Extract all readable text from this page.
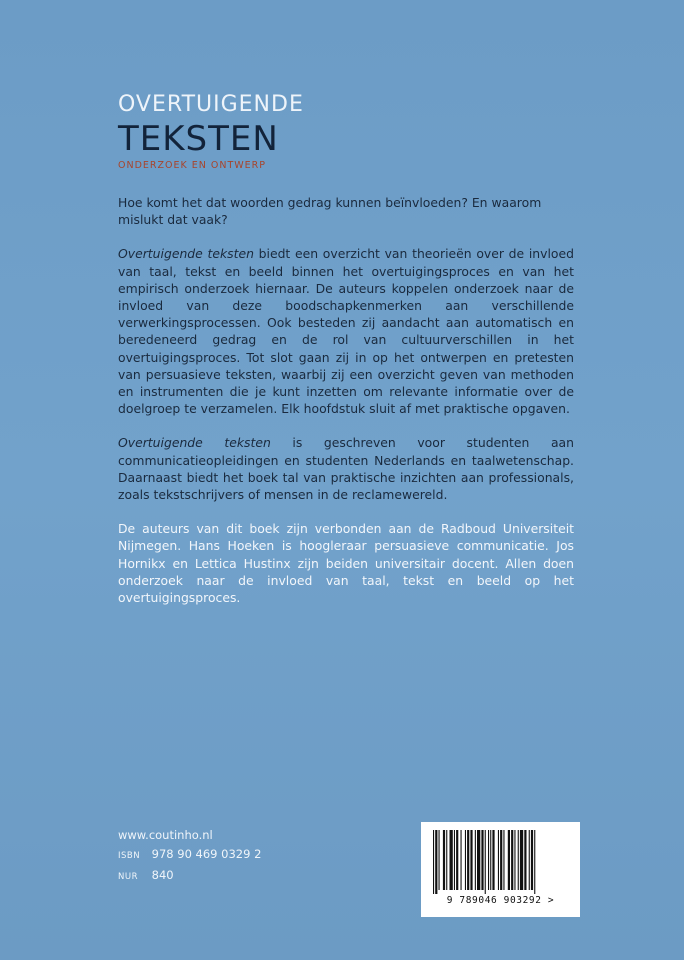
OVERTUIGENDE
TEKSTEN
ONDERZOEK EN ONTWERP

Hoe komt het dat woorden gedrag kunnen beïnvloeden? En waarom mislukt dat vaak?

Overtuigende teksten biedt een overzicht van theorieën over de invloed van taal, tekst en beeld binnen het overtuigingsproces en van het empirisch onderzoek hiernaar. De auteurs koppelen onderzoek naar de invloed van deze boodschapkenmerken aan verschillende verwerkingsprocessen. Ook besteden zij aandacht aan automatisch en beredeneerd gedrag en de rol van cultuurverschillen in het overtuigingsproces. Tot slot gaan zij in op het ontwerpen en pretesten van persuasieve teksten, waarbij zij een overzicht geven van methoden en instrumenten die je kunt inzetten om relevante informatie over de doelgroep te verzamelen. Elk hoofdstuk sluit af met praktische opgaven.

Overtuigende teksten is geschreven voor studenten aan communicatieopleidingen en studenten Nederlands en taalwetenschap. Daarnaast biedt het boek tal van praktische inzichten aan professionals, zoals tekstschrijvers of mensen in de reclamewereld.

De auteurs van dit boek zijn verbonden aan de Radboud Universiteit Nijmegen. Hans Hoeken is hoogleraar persuasieve communicatie. Jos Hornikx en Lettica Hustinx zijn beiden universitair docent. Allen doen onderzoek naar de invloed van taal, tekst en beeld op het overtuigingsproces.

www.coutinho.nl
ISBN 978 90 469 0329 2
NUR 840
9 789046 903292 >
